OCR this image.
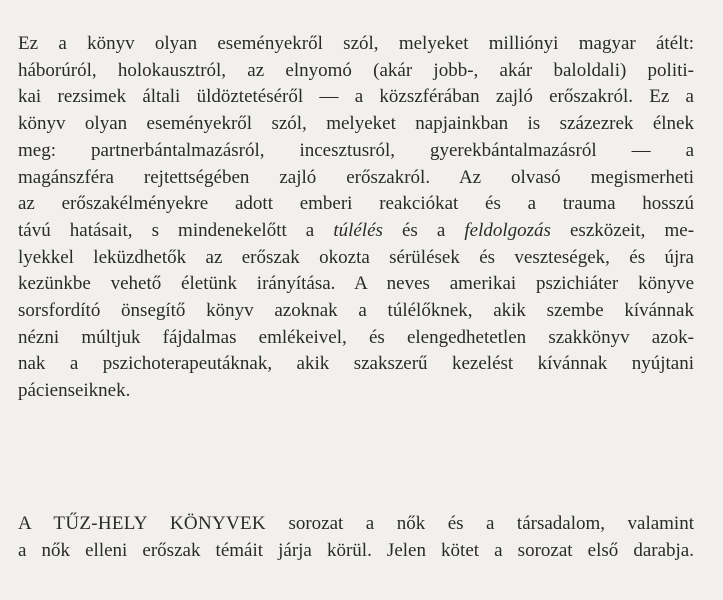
Ez a könyv olyan eseményekről szól, melyeket milliónyi magyar átélt:
háborúról, holokausztról, az elnyomó (akár jobb-, akár baloldali) politi-
kai rezsimek általi üldöztetéséről — a közszférában zajló erőszakról. Ez a
könyv olyan eseményekről szól, melyeket napjainkban is százezrek élnek
meg: partnerbántalmazásról, incesztusról, gyerekbántalmazásról — a
magánszféra rejtettségében zajló erőszakról. Az olvasó megismerheti
az erőszakélményekre adott emberi reakciókat és a trauma hosszú
távú hatásait, s mindenekelőtt a túlélés és a feldolgozás eszközeit, me-
lyekkel leküzdhetők az erőszak okozta sérülések és veszteségek, és újra
kezünkbe vehető életünk irányítása. A neves amerikai pszichiáter könyve
sorsfordító önsegítő könyv azoknak a túlélőknek, akik szembe kívánnak
nézni múltjuk fájdalmas emlékeivel, és elengedhetetlen szakkönyv azok-
nak a pszichoterapeutáknak, akik szakszerű kezelést kívánnak nyújtani
pácienseiknek.

A TŰZ-HELY KÖNYVEK sorozat a nők és a társadalom, valamint
a nők elleni erőszak témáit járja körül. Jelen kötet a sorozat első darabja.
